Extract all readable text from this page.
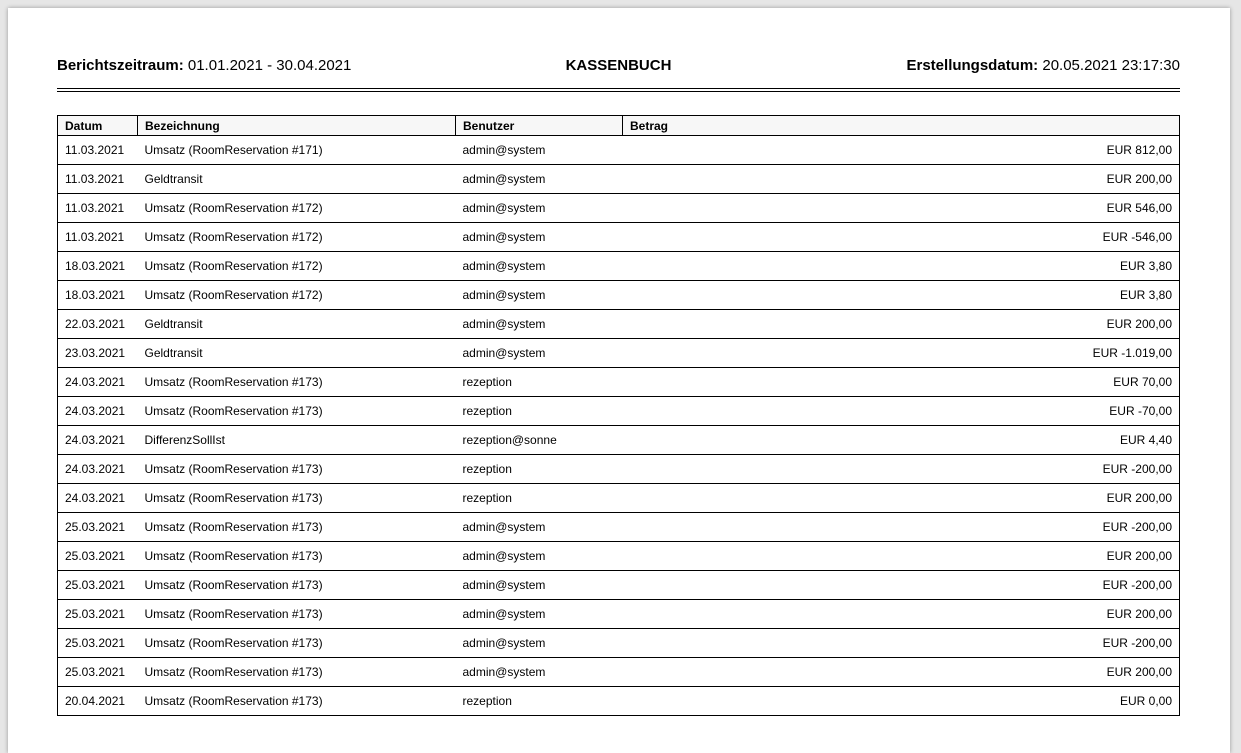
Berichtszeitraum: 01.01.2021 - 30.04.2021	KASSENBUCH	Erstellungsdatum: 20.05.2021 23:17:30
Datum	Bezeichnung	Benutzer	Betrag
11.03.2021	Umsatz (RoomReservation #171)	admin@system	EUR 812,00
11.03.2021	Geldtransit	admin@system	EUR 200,00
11.03.2021	Umsatz (RoomReservation #172)	admin@system	EUR 546,00
11.03.2021	Umsatz (RoomReservation #172)	admin@system	EUR -546,00
18.03.2021	Umsatz (RoomReservation #172)	admin@system	EUR 3,80
18.03.2021	Umsatz (RoomReservation #172)	admin@system	EUR 3,80
22.03.2021	Geldtransit	admin@system	EUR 200,00
23.03.2021	Geldtransit	admin@system	EUR -1.019,00
24.03.2021	Umsatz (RoomReservation #173)	rezeption	EUR 70,00
24.03.2021	Umsatz (RoomReservation #173)	rezeption	EUR -70,00
24.03.2021	DifferenzSollIst	rezeption@sonne	EUR 4,40
24.03.2021	Umsatz (RoomReservation #173)	rezeption	EUR -200,00
24.03.2021	Umsatz (RoomReservation #173)	rezeption	EUR 200,00
25.03.2021	Umsatz (RoomReservation #173)	admin@system	EUR -200,00
25.03.2021	Umsatz (RoomReservation #173)	admin@system	EUR 200,00
25.03.2021	Umsatz (RoomReservation #173)	admin@system	EUR -200,00
25.03.2021	Umsatz (RoomReservation #173)	admin@system	EUR 200,00
25.03.2021	Umsatz (RoomReservation #173)	admin@system	EUR -200,00
25.03.2021	Umsatz (RoomReservation #173)	admin@system	EUR 200,00
20.04.2021	Umsatz (RoomReservation #173)	rezeption	EUR 0,00
